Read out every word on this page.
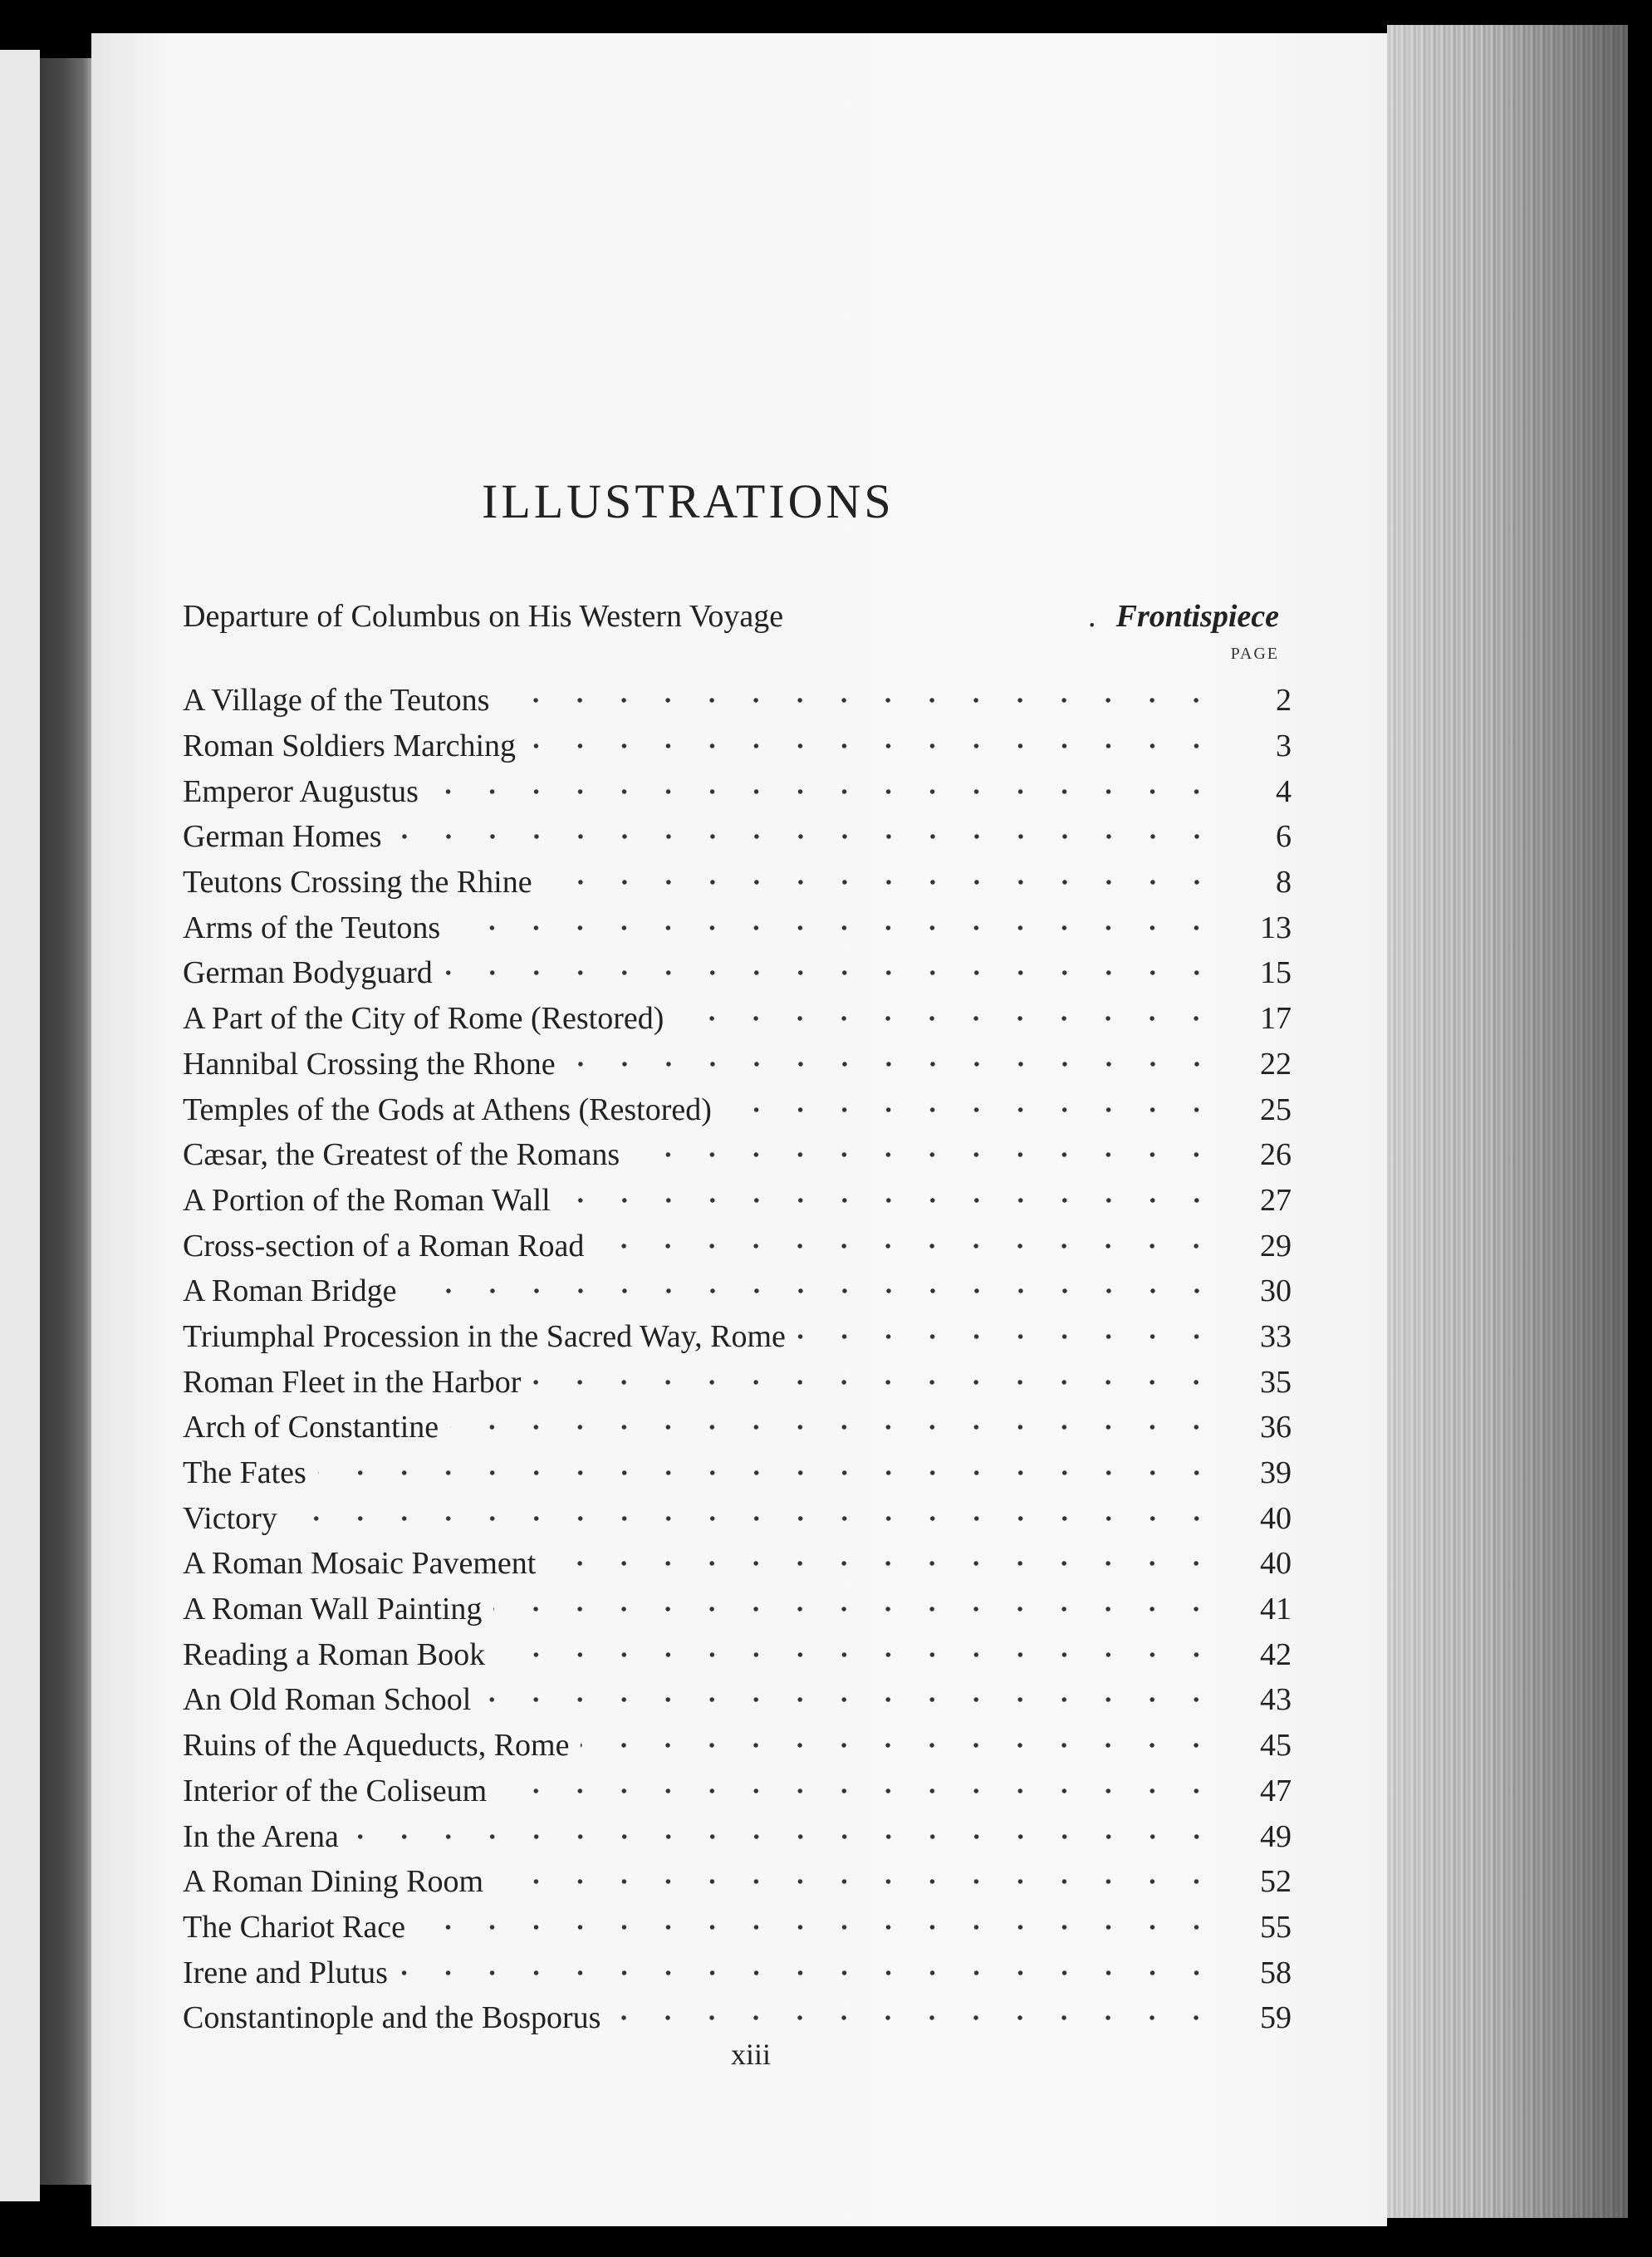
ILLUSTRATIONS
Departure of Columbus on His Western Voyage	. Frontispiece
PAGE
A Village of the Teutons	2
Roman Soldiers Marching	3
Emperor Augustus	4
German Homes	6
Teutons Crossing the Rhine	8
Arms of the Teutons	13
German Bodyguard	15
A Part of the City of Rome (Restored)	17
Hannibal Crossing the Rhone	22
Temples of the Gods at Athens (Restored)	25
Cæsar, the Greatest of the Romans	26
A Portion of the Roman Wall	27
Cross-section of a Roman Road	29
A Roman Bridge	30
Triumphal Procession in the Sacred Way, Rome	33
Roman Fleet in the Harbor	35
Arch of Constantine	36
The Fates	39
Victory	40
A Roman Mosaic Pavement	40
A Roman Wall Painting	41
Reading a Roman Book	42
An Old Roman School	43
Ruins of the Aqueducts, Rome	45
Interior of the Coliseum	47
In the Arena	49
A Roman Dining Room	52
The Chariot Race	55
Irene and Plutus	58
Constantinople and the Bosporus	59
xiii
